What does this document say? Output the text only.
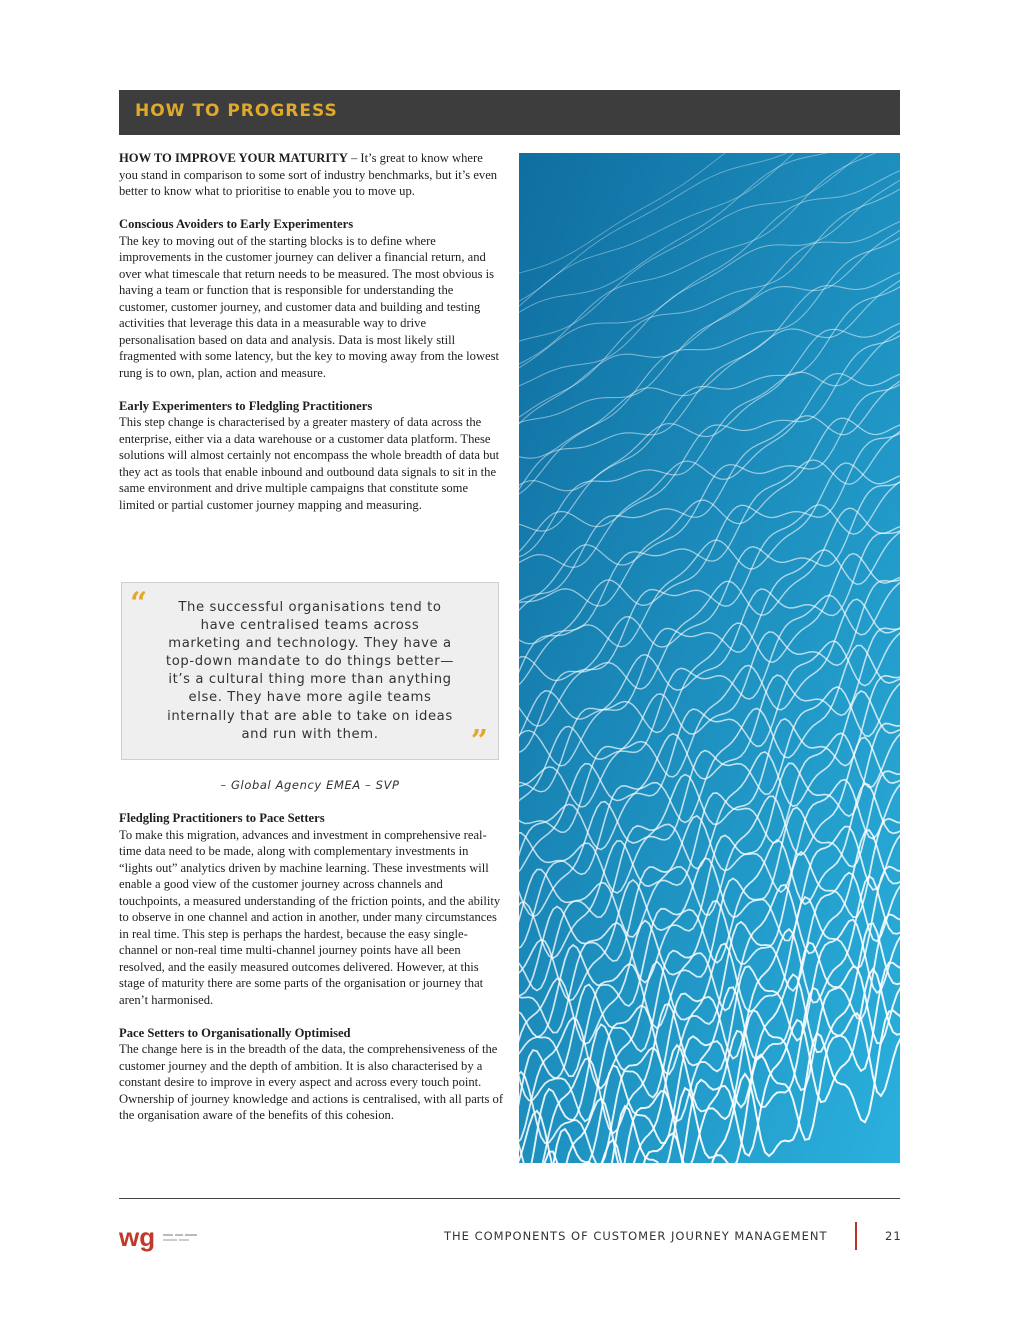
HOW TO PROGRESS

HOW TO IMPROVE YOUR MATURITY – It’s great to know where you stand in comparison to some sort of industry benchmarks, but it’s even better to know what to prioritise to enable you to move up.

Conscious Avoiders to Early Experimenters
The key to moving out of the starting blocks is to define where improvements in the customer journey can deliver a financial return, and over what timescale that return needs to be measured. The most obvious is having a team or function that is responsible for understanding the customer, customer journey, and customer data and building and testing activities that leverage this data in a measurable way to drive personalisation based on data and analysis. Data is most likely still fragmented with some latency, but the key to moving away from the lowest rung is to own, plan, action and measure.

Early Experimenters to Fledgling Practitioners
This step change is characterised by a greater mastery of data across the enterprise, either via a data warehouse or a customer data platform. These solutions will almost certainly not encompass the whole breadth of data but they act as tools that enable inbound and outbound data signals to sit in the same environment and drive multiple campaigns that constitute some limited or partial customer journey mapping and measuring.

“	The successful organisations tend to have centralised teams across marketing and technology. They have a top-down mandate to do things better— it’s a cultural thing more than anything else. They have more agile teams internally that are able to take on ideas and run with them.	”
– Global Agency EMEA – SVP

Fledgling Practitioners to Pace Setters
To make this migration, advances and investment in comprehensive real-time data need to be made, along with complementary investments in “lights out” analytics driven by machine learning. These investments will enable a good view of the customer journey across channels and touchpoints, a measured understanding of the friction points, and the ability to observe in one channel and action in another, under many circumstances in real time. This step is perhaps the hardest, because the easy single-channel or non-real time multi-channel journey points have all been resolved, and the easily measured outcomes delivered. However, at this stage of maturity there are some parts of the organisation or journey that aren’t harmonised.

Pace Setters to Organisationally Optimised
The change here is in the breadth of the data, the comprehensiveness of the customer journey and the depth of ambition. It is also characterised by a constant desire to improve in every aspect and across every touch point. Ownership of journey knowledge and actions is centralised, with all parts of the organisation aware of the benefits of this cohesion.

wg	THE COMPONENTS OF CUSTOMER JOURNEY MANAGEMENT	21
